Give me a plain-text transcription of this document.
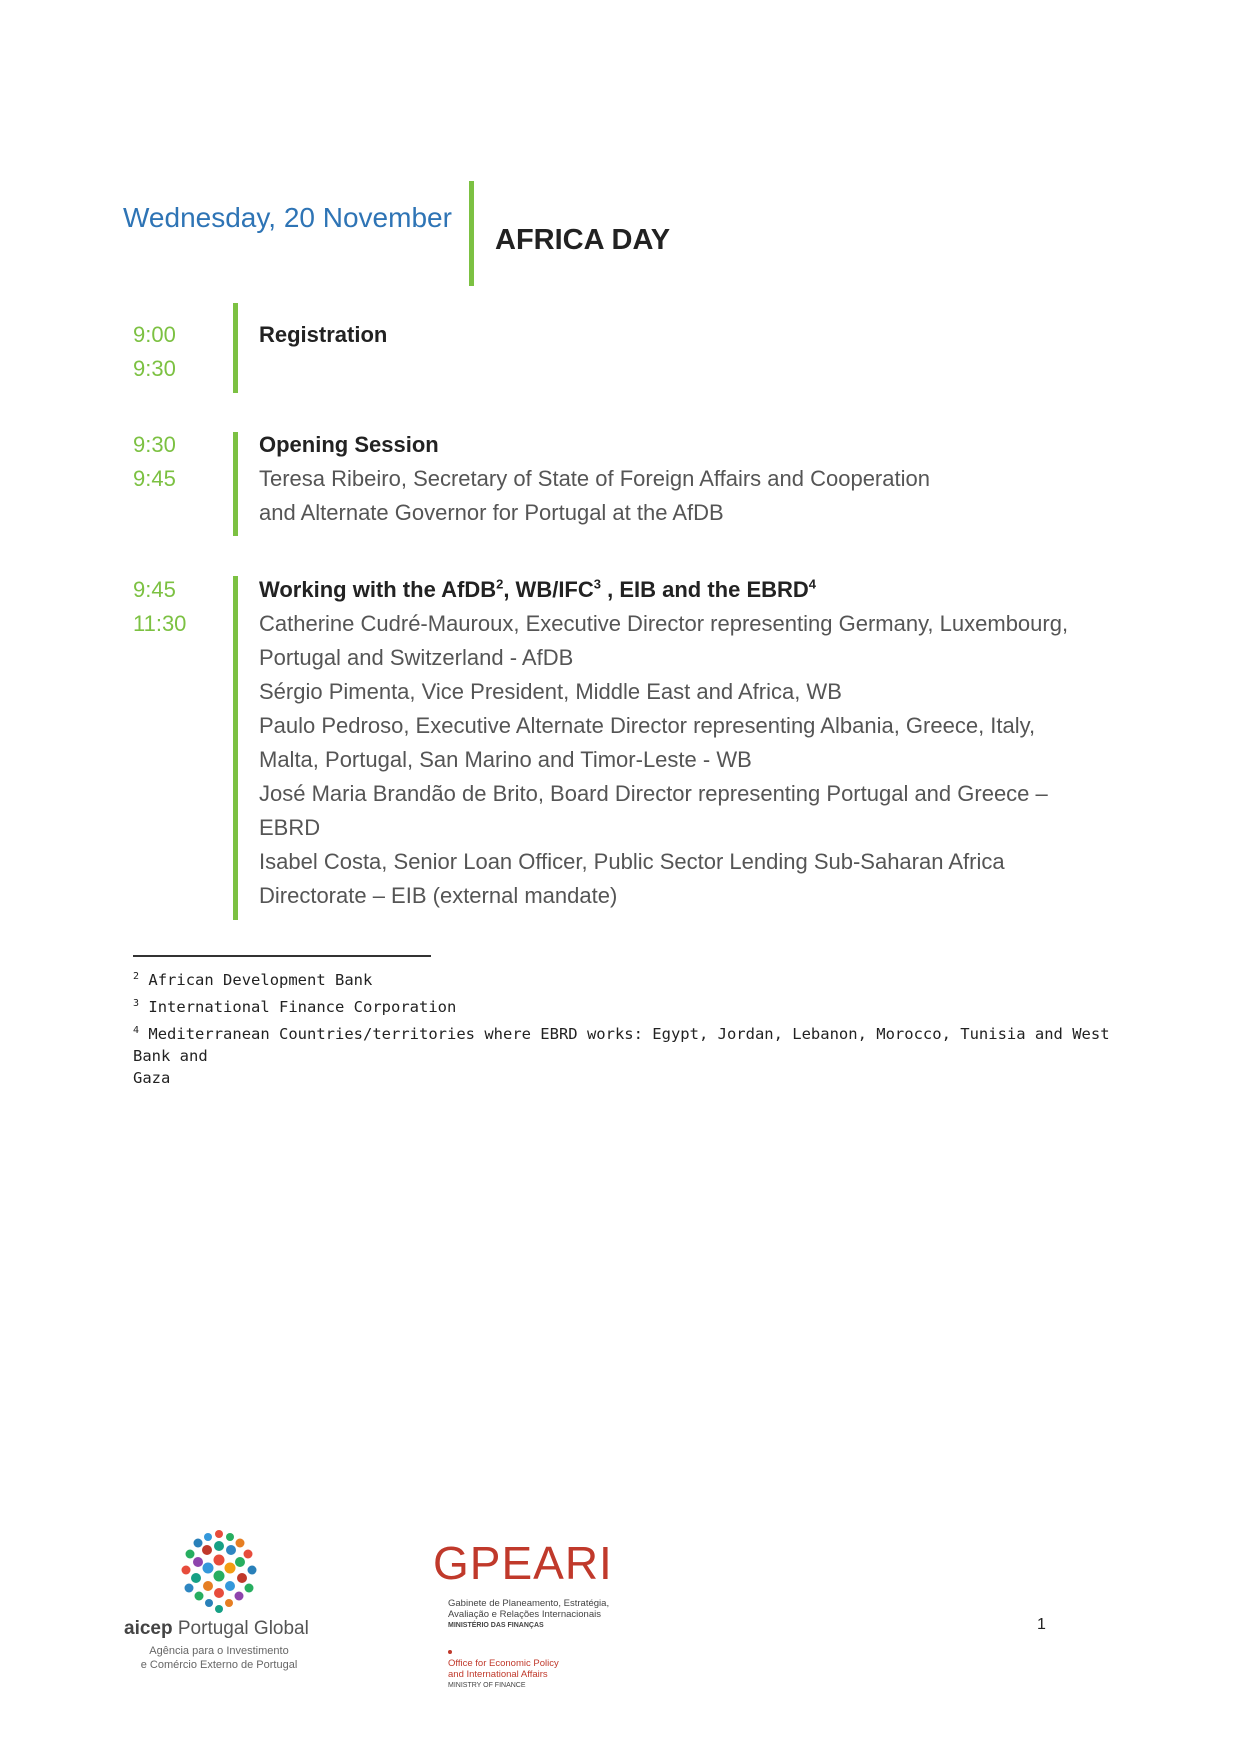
Wednesday, 20 November
AFRICA DAY
9:00
9:30
Registration
9:30
9:45
Opening Session
Teresa Ribeiro, Secretary of State of Foreign Affairs and Cooperation
and Alternate Governor for Portugal at the AfDB
9:45
11:30
Working with the AfDB$^2$, WB/IFC$^3$ , EIB and the EBRD$^4$
Catherine Cudré-Mauroux, Executive Director representing Germany, Luxembourg,
Portugal and Switzerland - AfDB
Sérgio Pimenta, Vice President, Middle East and Africa, WB
Paulo Pedroso, Executive Alternate Director representing Albania, Greece, Italy,
Malta, Portugal, San Marino and Timor-Leste - WB
José Maria Brandão de Brito, Board Director representing Portugal and Greece –
EBRD
Isabel Costa, Senior Loan Officer, Public Sector Lending Sub-Saharan Africa
Directorate – EIB (external mandate)
$^2$ African Development Bank
$^3$ International Finance Corporation
$^4$ Mediterranean Countries/territories where EBRD works: Egypt, Jordan, Lebanon, Morocco, Tunisia and West Bank and
Gaza
aicep Portugal Global
Agência para o Investimento
e Comércio Externo de Portugal
GPEARI
Gabinete de Planeamento, Estratégia,
Avaliação e Relações Internacionais
MINISTÉRIO DAS FINANÇAS
Office for Economic Policy
and International Affairs
MINISTRY OF FINANCE
1
